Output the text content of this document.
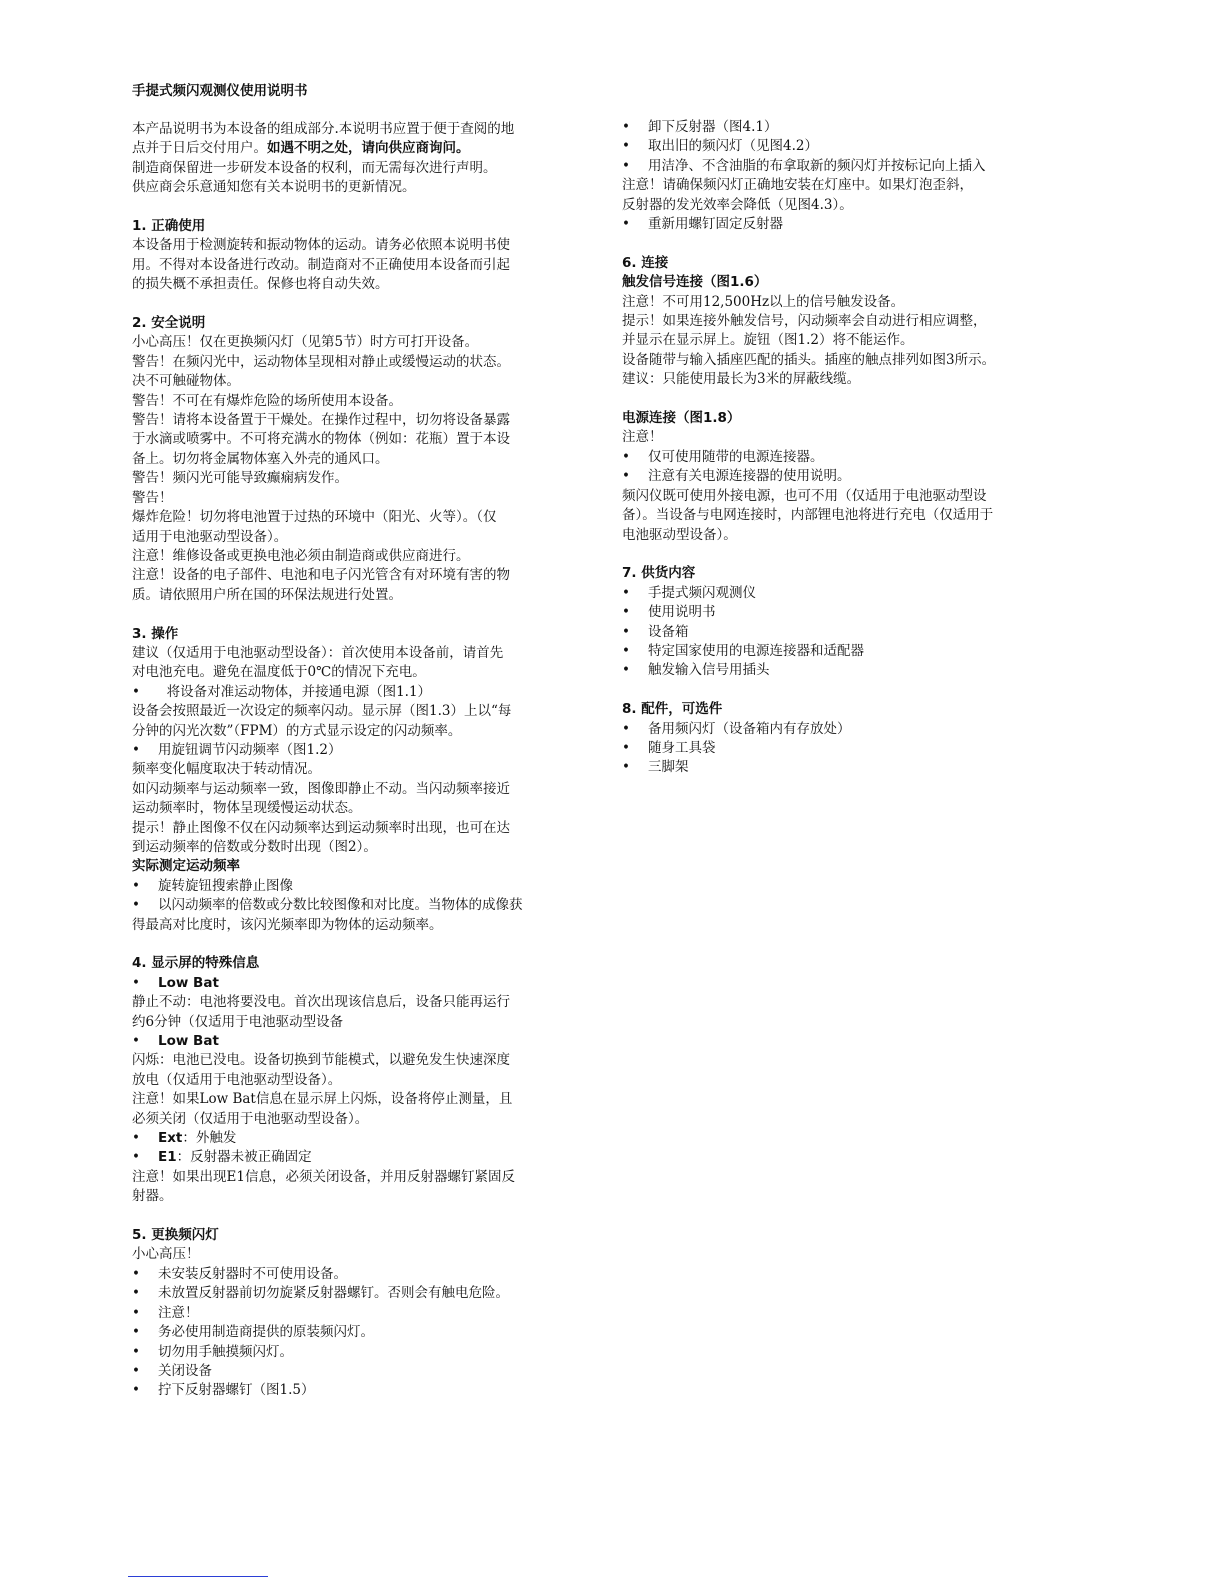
手提式频闪观测仪使用说明书

本产品说明书为本设备的组成部分.本说明书应置于便于查阅的地

点并于日后交付用户。如遇不明之处，请向供应商询问。

制造商保留进一步研发本设备的权利，而无需每次进行声明。

供应商会乐意通知您有关本说明书的更新情况。

1. 正确使用

本设备用于检测旋转和振动物体的运动。请务必依照本说明书使

用。不得对本设备进行改动。制造商对不正确使用本设备而引起

的损失概不承担责任。保修也将自动失效。

2. 安全说明

小心高压！仅在更换频闪灯（见第5节）时方可打开设备。

警告！在频闪光中，运动物体呈现相对静止或缓慢运动的状态。

决不可触碰物体。

警告！不可在有爆炸危险的场所使用本设备。

警告！请将本设备置于干燥处。在操作过程中，切勿将设备暴露

于水滴或喷雾中。不可将充满水的物体（例如：花瓶）置于本设

备上。切勿将金属物体塞入外壳的通风口。

警告！频闪光可能导致癫痫病发作。

警告！

爆炸危险！切勿将电池置于过热的环境中（阳光、火等）。（仅

适用于电池驱动型设备）。

注意！维修设备或更换电池必须由制造商或供应商进行。

注意！设备的电子部件、电池和电子闪光管含有对环境有害的物

质。请依照用户所在国的环保法规进行处置。

3. 操作

建议（仅适用于电池驱动型设备）：首次使用本设备前，请首先

对电池充电。避免在温度低于0℃的情况下充电。

•  将设备对准运动物体，并接通电源（图1.1）

设备会按照最近一次设定的频率闪动。显示屏（图1.3）上以“每

分钟的闪光次数”（FPM）的方式显示设定的闪动频率。

• 用旋钮调节闪动频率（图1.2）

频率变化幅度取决于转动情况。

如闪动频率与运动频率一致，图像即静止不动。当闪动频率接近

运动频率时，物体呈现缓慢运动状态。

提示！静止图像不仅在闪动频率达到运动频率时出现，也可在达

到运动频率的倍数或分数时出现（图2）。

实际测定运动频率

• 旋转旋钮搜索静止图像

• 以闪动频率的倍数或分数比较图像和对比度。当物体的成像获

得最高对比度时，该闪光频率即为物体的运动频率。

4. 显示屏的特殊信息

• Low Bat

静止不动：电池将要没电。首次出现该信息后，设备只能再运行

约6分钟（仅适用于电池驱动型设备

• Low Bat

闪烁：电池已没电。设备切换到节能模式，以避免发生快速深度

放电（仅适用于电池驱动型设备）。

注意！如果Low Bat信息在显示屏上闪烁，设备将停止测量，且

必须关闭（仅适用于电池驱动型设备）。

• Ext：外触发

• E1：反射器未被正确固定

注意！如果出现E1信息，必须关闭设备，并用反射器螺钉紧固反

射器。

5. 更换频闪灯

小心高压！

• 未安装反射器时不可使用设备。

• 未放置反射器前切勿旋紧反射器螺钉。否则会有触电危险。

• 注意！

• 务必使用制造商提供的原装频闪灯。

• 切勿用手触摸频闪灯。

• 关闭设备

• 拧下反射器螺钉（图1.5）

• 卸下反射器（图4.1）

• 取出旧的频闪灯（见图4.2）

• 用洁净、不含油脂的布拿取新的频闪灯并按标记向上插入

注意！请确保频闪灯正确地安装在灯座中。如果灯泡歪斜，

反射器的发光效率会降低（见图4.3）。

• 重新用螺钉固定反射器

6. 连接

触发信号连接（图1.6）

注意！不可用12,500Hz以上的信号触发设备。

提示！如果连接外触发信号，闪动频率会自动进行相应调整，

并显示在显示屏上。旋钮（图1.2）将不能运作。

设备随带与输入插座匹配的插头。插座的触点排列如图3所示。

建议：只能使用最长为3米的屏蔽线缆。

电源连接（图1.8）

注意！

• 仅可使用随带的电源连接器。

• 注意有关电源连接器的使用说明。

频闪仪既可使用外接电源，也可不用（仅适用于电池驱动型设

备）。当设备与电网连接时，内部锂电池将进行充电（仅适用于

电池驱动型设备）。

7. 供货内容

• 手提式频闪观测仪

• 使用说明书

• 设备箱

• 特定国家使用的电源连接器和适配器

• 触发输入信号用插头

8. 配件，可选件

• 备用频闪灯（设备箱内有存放处）

• 随身工具袋

• 三脚架
